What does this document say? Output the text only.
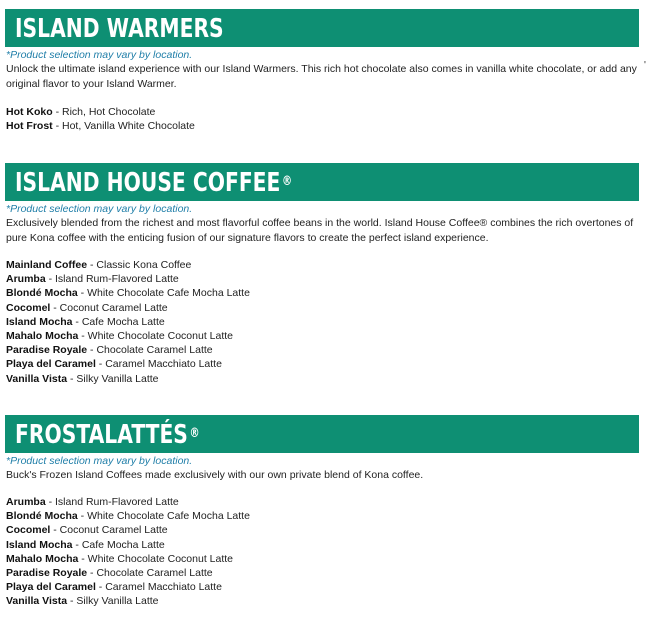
ISLAND WARMERS
*Product selection may vary by location.
Unlock the ultimate island experience with our Island Warmers. This rich hot chocolate also comes in vanilla white chocolate, or add any original flavor to your Island Warmer.
Hot Koko - Rich, Hot Chocolate
Hot Frost - Hot, Vanilla White Chocolate
'
ISLAND HOUSE COFFEE ®
*Product selection may vary by location.
Exclusively blended from the richest and most flavorful coffee beans in the world. Island House Coffee® combines the rich overtones of pure Kona coffee with the enticing fusion of our signature flavors to create the perfect island experience.
Mainland Coffee - Classic Kona Coffee
Arumba - Island Rum-Flavored Latte
Blondé Mocha - White Chocolate Cafe Mocha Latte
Cocomel - Coconut Caramel Latte
Island Mocha - Cafe Mocha Latte
Mahalo Mocha - White Chocolate Coconut Latte
Paradise Royale - Chocolate Caramel Latte
Playa del Caramel - Caramel Macchiato Latte
Vanilla Vista - Silky Vanilla Latte
FROSTALATTÉS ®
*Product selection may vary by location.
Buck's Frozen Island Coffees made exclusively with our own private blend of Kona coffee.
Arumba - Island Rum-Flavored Latte
Blondé Mocha - White Chocolate Cafe Mocha Latte
Cocomel - Coconut Caramel Latte
Island Mocha - Cafe Mocha Latte
Mahalo Mocha - White Chocolate Coconut Latte
Paradise Royale - Chocolate Caramel Latte
Playa del Caramel - Caramel Macchiato Latte
Vanilla Vista - Silky Vanilla Latte
